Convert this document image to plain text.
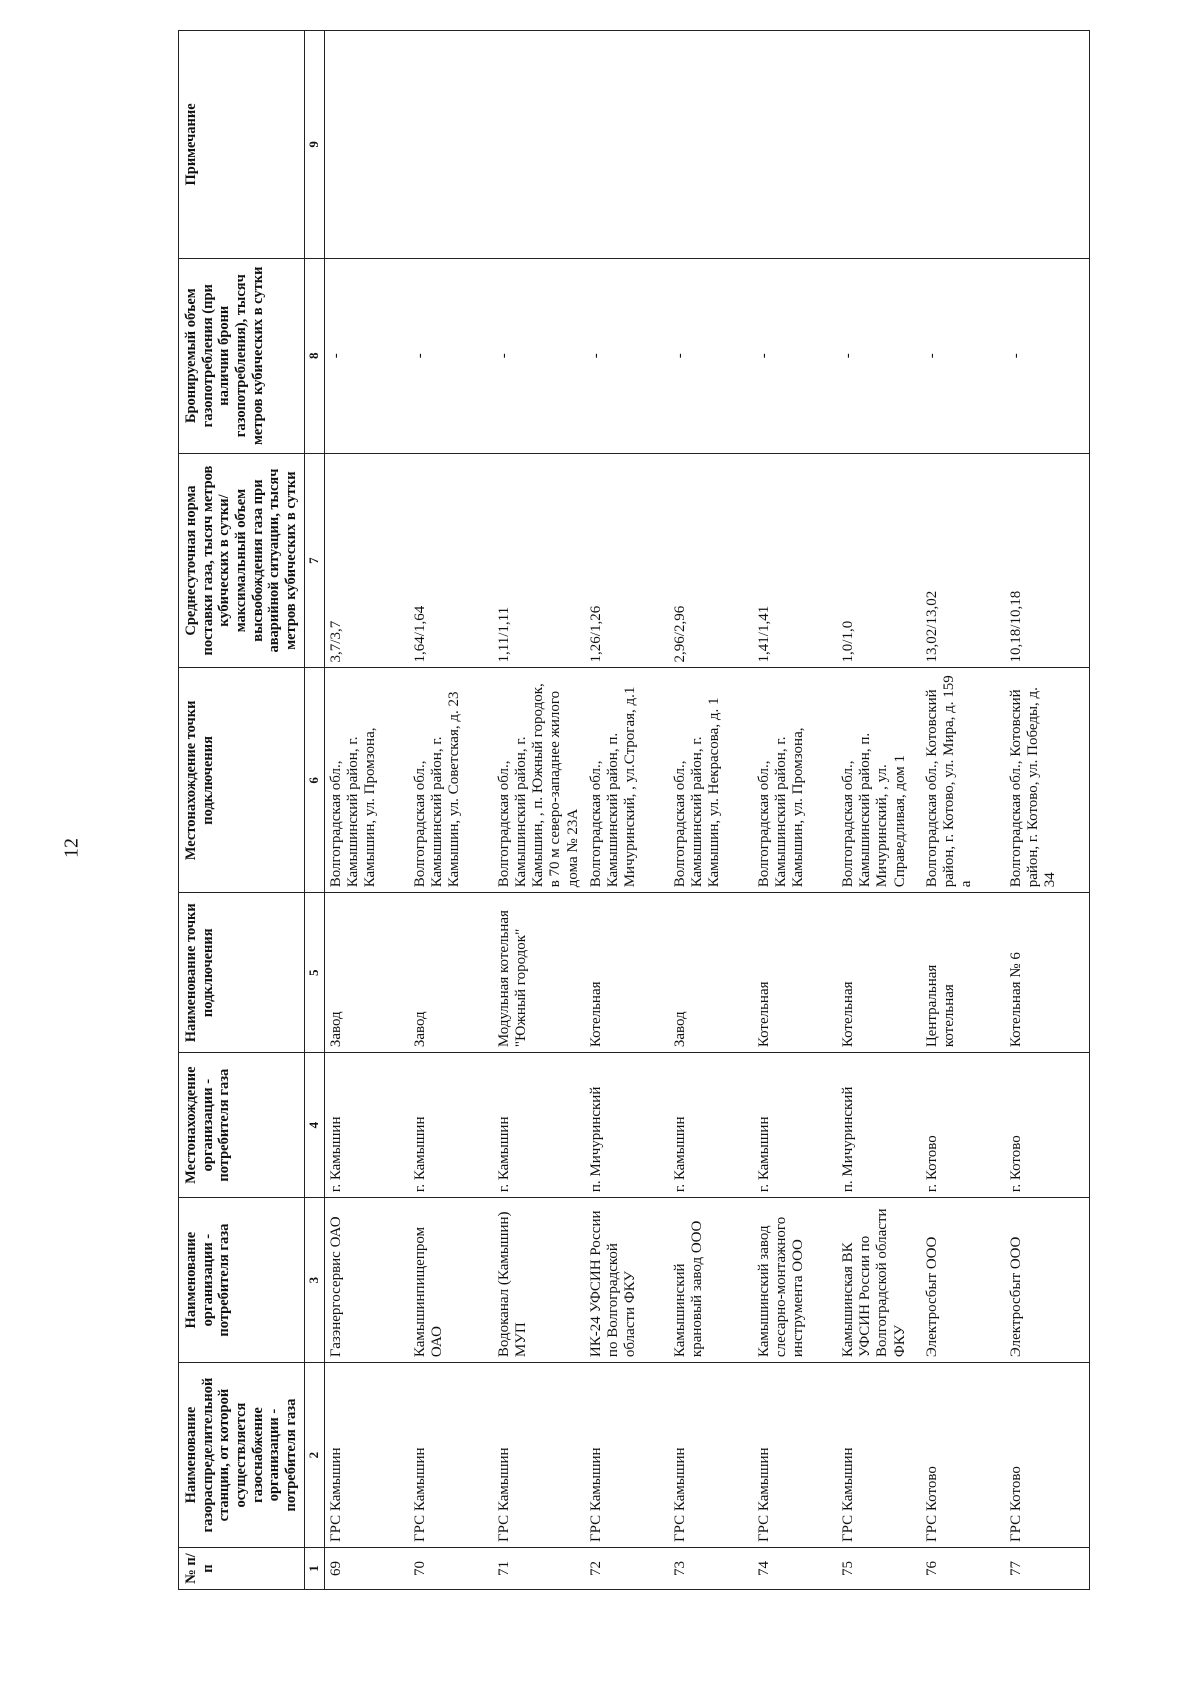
12
№ п/п	Наименование газораспределительной станции, от которой осуществляется газоснабжение организации - потребителя газа	Наименование организации - потребителя газа	Местонахождение организации - потребителя газа	Наименование точки подключения	Местонахождение точки подключения	Среднесуточная норма поставки газа, тысяч метров кубических в сутки/максимальный объем высвобождения газа при аварийной ситуации, тысяч метров кубических в сутки	Бронируемый объем газопотребления (при наличии брони газопотребления), тысяч метров кубических в сутки	Примечание
1	2	3	4	5	6	7	8	9
69	ГРС Камышин	Газэнергосервис ОАО	г. Камышин	Завод	Волгоградская обл., Камышинский район, г. Камышин, ул. Промзона,	3,7/3,7	-	
70	ГРС Камышин	Камышинпищепром ОАО	г. Камышин	Завод	Волгоградская обл., Камышинский район, г. Камышин, ул. Советская, д. 23	1,64/1,64	-	
71	ГРС Камышин	Водоканал (Камышин) МУП	г. Камышин	Модульная котельная "Южный городок"	Волгоградская обл., Камышинский район, г. Камышин, , п. Южный городок, в 70 м северо-западнее жилого дома № 23А	1,11/1,11	-	
72	ГРС Камышин	ИК-24 УФСИН России по Волгоградской области ФКУ	п. Мичуринский	Котельная	Волгоградская обл., Камышинский район, п. Мичуринский, , ул.Строгая, д.1	1,26/1,26	-	
73	ГРС Камышин	Камышинский крановый завод ООО	г. Камышин	Завод	Волгоградская обл., Камышинский район, г. Камышин, ул. Некрасова, д. 1	2,96/2,96	-	
74	ГРС Камышин	Камышинский завод слесарно-монтажного инструмента ООО	г. Камышин	Котельная	Волгоградская обл., Камышинский район, г. Камышин, ул. Промзона,	1,41/1,41	-	
75	ГРС Камышин	Камышинская ВК УФСИН России по Волгоградской области ФКУ	п. Мичуринский	Котельная	Волгоградская обл., Камышинский район, п. Мичуринский, , ул. Справедливая, дом 1	1,0/1,0	-	
76	ГРС Котово	Электросбыт ООО	г. Котово	Центральная котельная	Волгоградская обл., Котовский район, г. Котово, ул. Мира, д. 159 а	13,02/13,02	-	
77	ГРС Котово	Электросбыт ООО	г. Котово	Котельная № 6	Волгоградская обл., Котовский район, г. Котово, ул. Победы, д. 34	10,18/10,18	-	
